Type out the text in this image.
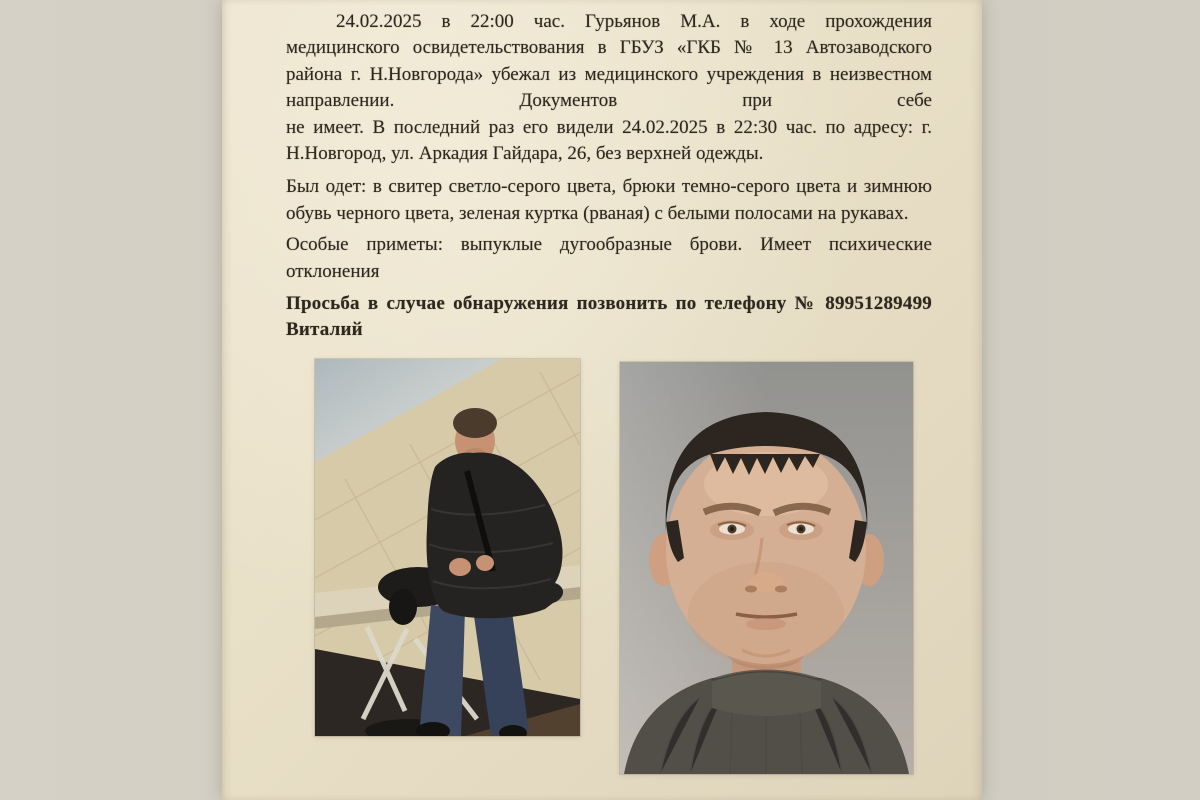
24.02.2025 в 22:00 час. Гурьянов М.А. в ходе прохождения
медицинского освидетельствования в ГБУЗ «ГКБ № 13 Автозаводского
района г. Н.Новгорода» убежал из медицинского учреждения в неизвестном
направлении. Документов при себе
не имеет. В последний раз его видели 24.02.2025 в 22:30 час. по адресу: г.
Н.Новгород, ул. Аркадия Гайдара, 26, без верхней одежды.
Был одет: в свитер светло-серого цвета, брюки темно-серого цвета и зимнюю
обувь черного цвета, зеленая куртка (рваная) с белыми полосами на рукавах.
Особые приметы: выпуклые дугообразные брови. Имеет психические
отклонения
Просьба в случае обнаружения позвонить по телефону № 89951289499
Виталий
